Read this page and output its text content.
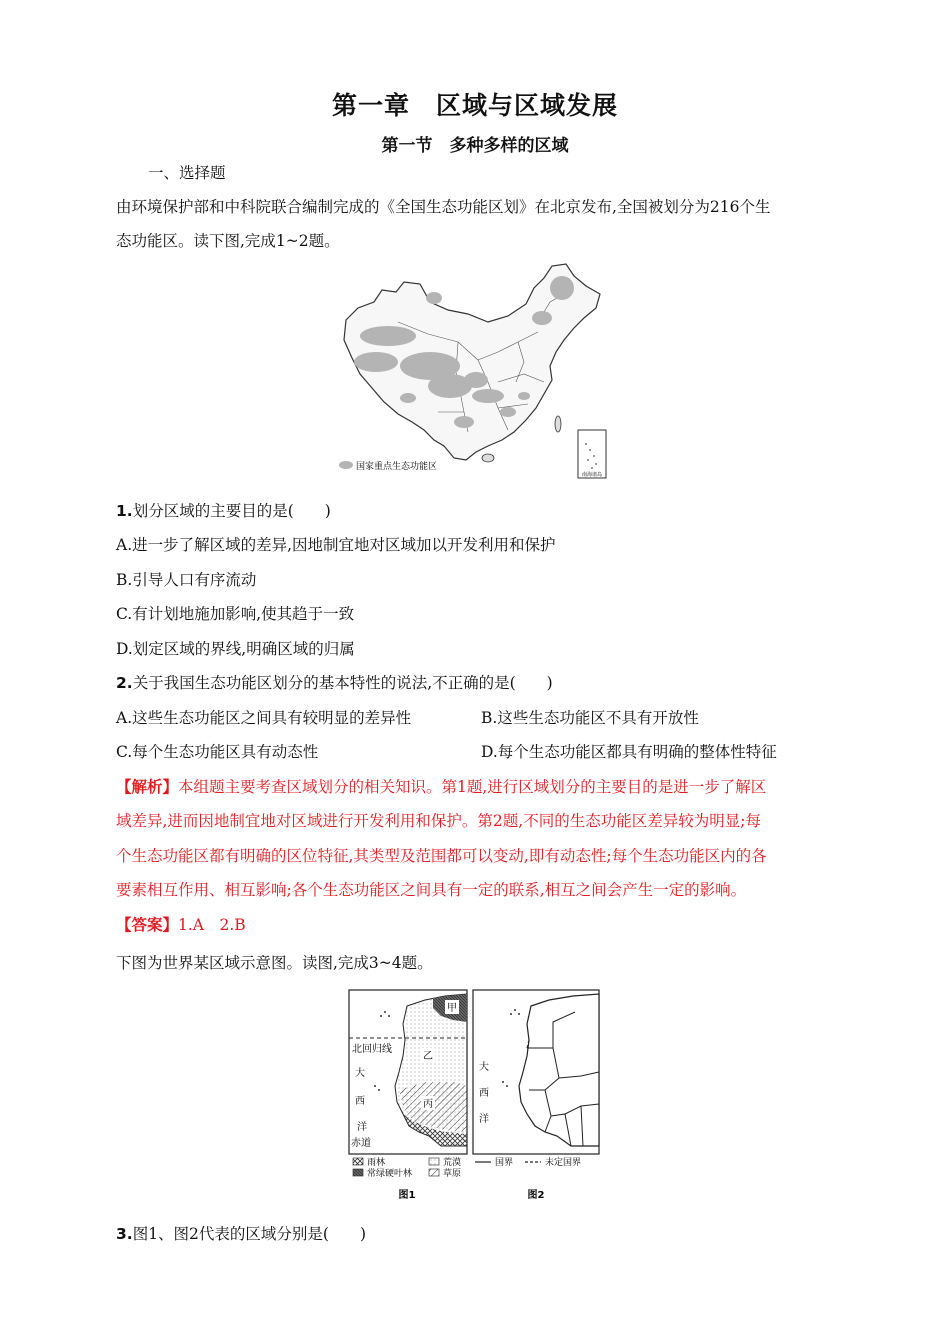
第一章　区域与区域发展
第一节　多种多样的区域
一、选择题
由环境保护部和中科院联合编制完成的《全国生态功能区划》在北京发布,全国被划分为216个生
态功能区。读下图,完成1~2题。
南海诸岛
国家重点生态功能区
1.划分区域的主要目的是(　　)
A.进一步了解区域的差异,因地制宜地对区域加以开发利用和保护
B.引导人口有序流动
C.有计划地施加影响,使其趋于一致
D.划定区域的界线,明确区域的归属
2.关于我国生态功能区划分的基本特性的说法,不正确的是(　　)
A.这些生态功能区之间具有较明显的差异性	B.这些生态功能区不具有开放性
C.每个生态功能区具有动态性	D.每个生态功能区都具有明确的整体性特征
【解析】本组题主要考查区域划分的相关知识。第1题,进行区域划分的主要目的是进一步了解区
域差异,进而因地制宜地对区域进行开发利用和保护。第2题,不同的生态功能区差异较为明显;每
个生态功能区都有明确的区位特征,其类型及范围都可以变动,即有动态性;每个生态功能区内的各
要素相互作用、相互影响;各个生态功能区之间具有一定的联系,相互之间会产生一定的影响。
【答案】1.A　2.B
下图为世界某区域示意图。读图,完成3~4题。
甲
北回归线
乙
丙
大
西
洋
赤道
大
西
洋
雨林	荒漠
常绿硬叶林	草原
国界	未定国界
图1	图2
3.图1、图2代表的区域分别是(　　)
